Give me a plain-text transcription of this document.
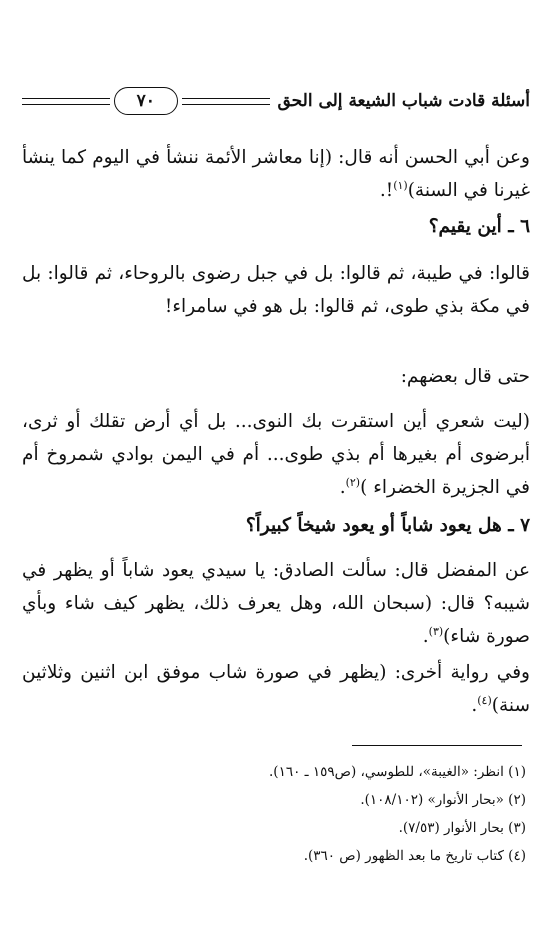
أسئلة قادت شباب الشيعة إلى الحق
٧٠

وعن أبي الحسن أنه قال: (إنا معاشر الأئمة ننشأ في اليوم كما ينشأ غيرنا في السنة)$^{(١)}$!.

٦ ـ أين يقيم؟

قالوا: في طيبة، ثم قالوا: بل في جبل رضوى بالروحاء، ثم قالوا: بل في مكة بذي طوى، ثم قالوا: بل هو في سامراء!

حتى قال بعضهم:

(ليت شعري أين استقرت بك النوى... بل أي أرض تقلك أو ثرى، أبرضوى أم بغيرها أم بذي طوى... أم في اليمن بوادي شمروخ أم في الجزيرة الخضراء )$^{(٢)}$.

٧ ـ هل يعود شاباً أو يعود شيخاً كبيراً؟

عن المفضل قال: سألت الصادق: يا سيدي يعود شاباً أو يظهر في شيبه؟ قال: (سبحان الله، وهل يعرف ذلك، يظهر كيف شاء وبأي صورة شاء)$^{(٣)}$.

وفي رواية أخرى: (يظهر في صورة شاب موفق ابن اثنين وثلاثين سنة)$^{(٤)}$.

(١) انظر: «الغيبة»، للطوسي، (ص١٥٩ ـ ١٦٠).
(٢) «بحار الأنوار» (١٠٨/١٠٢).
(٣) بحار الأنوار (٧/٥٣).
(٤) كتاب تاريخ ما بعد الظهور (ص ٣٦٠).
